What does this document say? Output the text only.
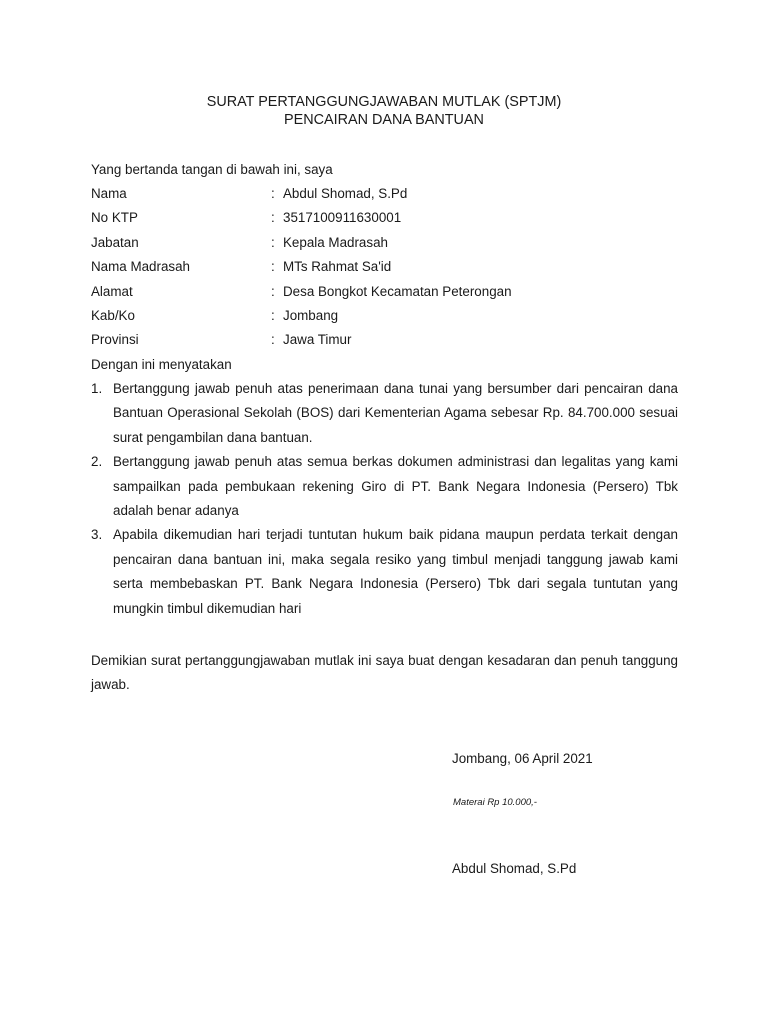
SURAT PERTANGGUNGJAWABAN MUTLAK (SPTJM)
PENCAIRAN DANA BANTUAN
Yang bertanda tangan di bawah ini, saya
Nama	: Abdul Shomad, S.Pd
No KTP	: 3517100911630001
Jabatan	: Kepala Madrasah
Nama Madrasah	: MTs Rahmat Sa'id
Alamat	: Desa Bongkot Kecamatan Peterongan
Kab/Ko	: Jombang
Provinsi	: Jawa Timur
Dengan ini menyatakan
1. Bertanggung jawab penuh atas penerimaan dana tunai yang bersumber dari pencairan dana Bantuan Operasional Sekolah (BOS) dari Kementerian Agama sebesar Rp. 84.700.000 sesuai surat pengambilan dana bantuan.
2. Bertanggung jawab penuh atas semua berkas dokumen administrasi dan legalitas yang kami sampailkan pada pembukaan rekening Giro di PT. Bank Negara Indonesia (Persero) Tbk adalah benar adanya
3. Apabila dikemudian hari terjadi tuntutan hukum baik pidana maupun perdata terkait dengan pencairan dana bantuan ini, maka segala resiko yang timbul menjadi tanggung jawab kami serta membebaskan PT. Bank Negara Indonesia (Persero) Tbk dari segala tuntutan yang mungkin timbul dikemudian hari
Demikian surat pertanggungjawaban mutlak ini saya buat dengan kesadaran dan penuh tanggung jawab.
Jombang, 06 April 2021
Materai Rp 10.000,-
Abdul Shomad, S.Pd
